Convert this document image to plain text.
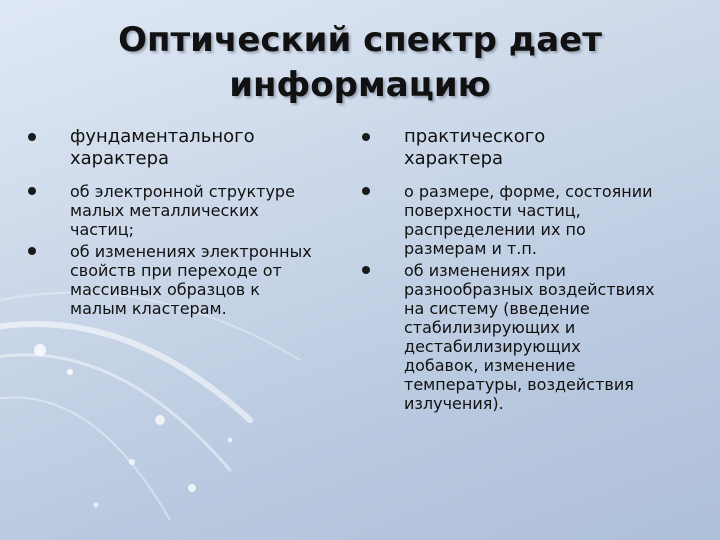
Оптический спектр дает
информацию
фундаментального
характера
об электронной структуре
малых металлических
частиц;
об изменениях электронных
свойств при переходе от
массивных образцов к
малым кластерам.
практического
характера
о размере, форме, состоянии
поверхности частиц,
распределении их по
размерам и т.п.
об изменениях при
разнообразных воздействиях
на систему (введение
стабилизирующих и
дестабилизирующих
добавок, изменение
температуры, воздействия
излучения).
